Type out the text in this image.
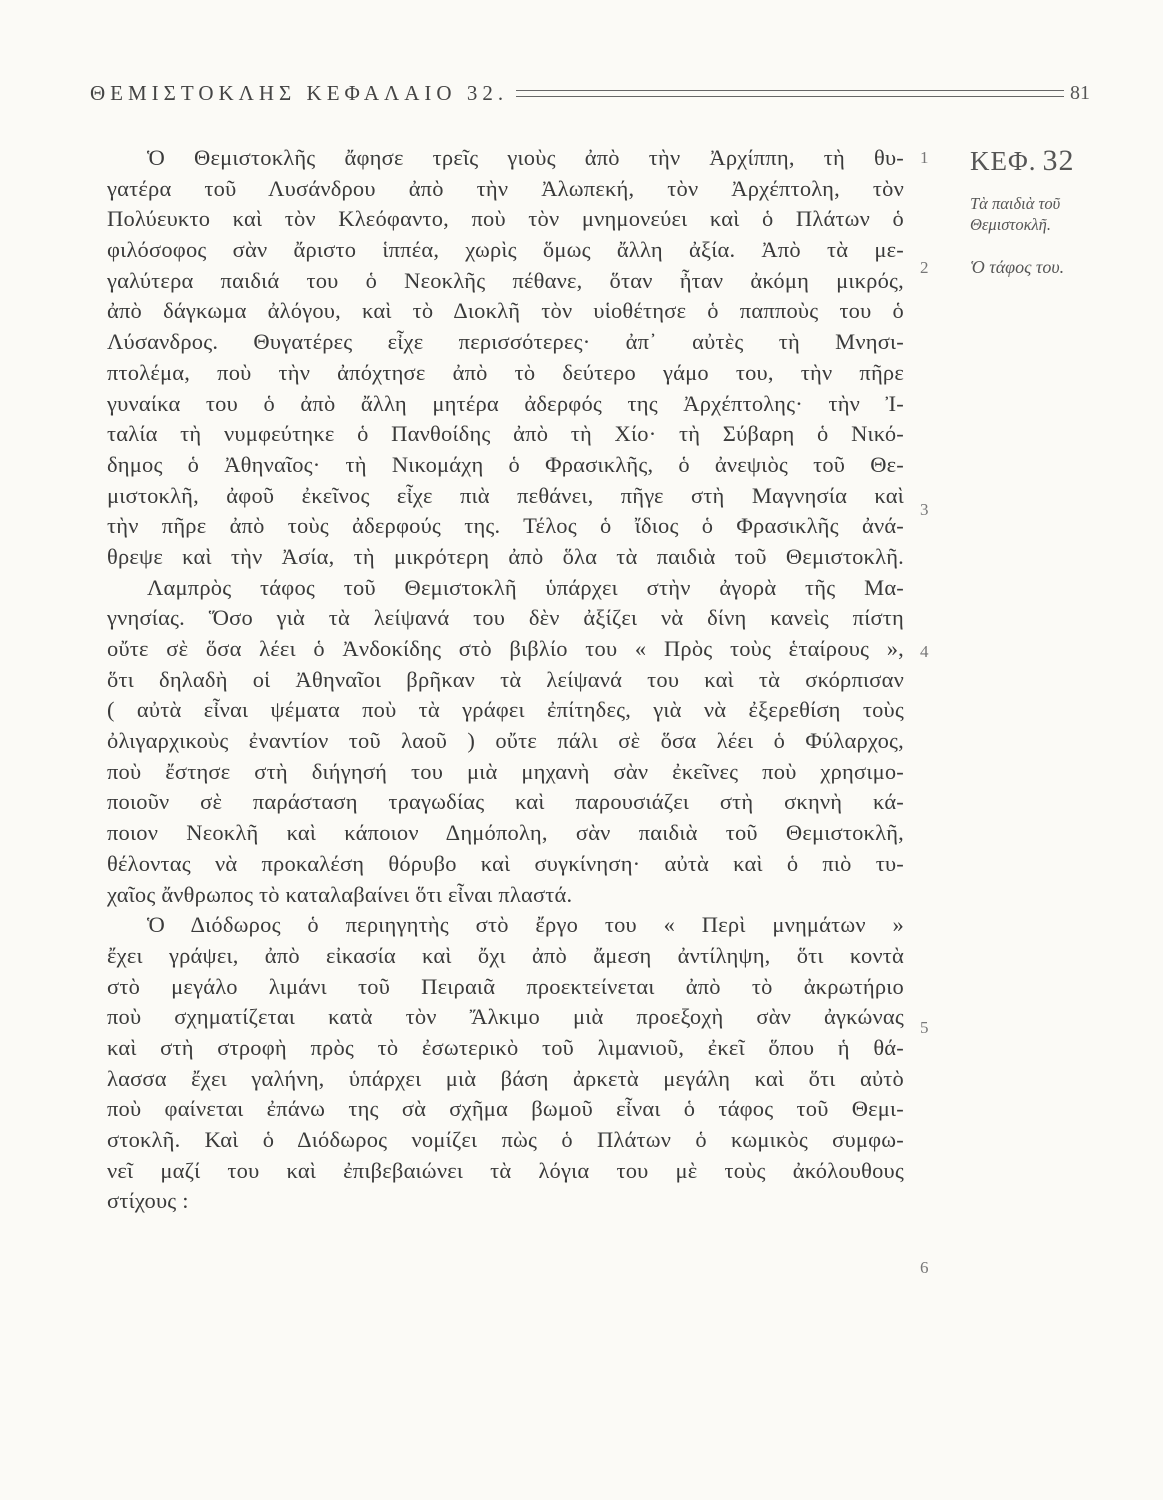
ΘΕΜΙΣΤΟΚΛΗΣ ΚΕΦΑΛΑΙΟ 32.	81
Ὁ Θεμιστοκλῆς ἄφησε τρεῖς γιοὺς ἀπὸ τὴν Ἀρχίππη, τὴ θυ-
γατέρα τοῦ Λυσάνδρου ἀπὸ τὴν Ἀλωπεκή, τὸν Ἀρχέπτολη, τὸν
Πολύευκτο καὶ τὸν Κλεόφαντο, ποὺ τὸν μνημονεύει καὶ ὁ Πλάτων ὁ
φιλόσοφος σὰν ἄριστο ἱππέα, χωρὶς ὅμως ἄλλη ἀξία. Ἀπὸ τὰ με-
γαλύτερα παιδιά του ὁ Νεοκλῆς πέθανε, ὅταν ἦταν ἀκόμη μικρός,
ἀπὸ δάγκωμα ἀλόγου, καὶ τὸ Διοκλῆ τὸν υἱοθέτησε ὁ παπποὺς του ὁ
Λύσανδρος. Θυγατέρες εἶχε περισσότερες· ἀπ᾽ αὐτὲς τὴ Μνησι-
πτολέμα, ποὺ τὴν ἀπόχτησε ἀπὸ τὸ δεύτερο γάμο του, τὴν πῆρε
γυναίκα του ὁ ἀπὸ ἄλλη μητέρα ἀδερφός της Ἀρχέπτολης· τὴν Ἰ-
ταλία τὴ νυμφεύτηκε ὁ Πανθοίδης ἀπὸ τὴ Χίο· τὴ Σύβαρη ὁ Νικό-
δημος ὁ Ἀθηναῖος· τὴ Νικομάχη ὁ Φρασικλῆς, ὁ ἀνεψιὸς τοῦ Θε-
μιστοκλῆ, ἀφοῦ ἐκεῖνος εἶχε πιὰ πεθάνει, πῆγε στὴ Μαγνησία καὶ
τὴν πῆρε ἀπὸ τοὺς ἀδερφούς της. Τέλος ὁ ἴδιος ὁ Φρασικλῆς ἀνά-
θρεψε καὶ τὴν Ἀσία, τὴ μικρότερη ἀπὸ ὅλα τὰ παιδιὰ τοῦ Θεμιστοκλῆ.
Λαμπρὸς τάφος τοῦ Θεμιστοκλῆ ὑπάρχει στὴν ἀγορὰ τῆς Μα-
γνησίας. Ὅσο γιὰ τὰ λείψανά του δὲν ἀξίζει νὰ δίνη κανεὶς πίστη
οὔτε σὲ ὅσα λέει ὁ Ἀνδοκίδης στὸ βιβλίο του « Πρὸς τοὺς ἑταίρους »,
ὅτι δηλαδὴ οἱ Ἀθηναῖοι βρῆκαν τὰ λείψανά του καὶ τὰ σκόρπισαν
( αὐτὰ εἶναι ψέματα ποὺ τὰ γράφει ἐπίτηδες, γιὰ νὰ ἐξερεθίση τοὺς
ὀλιγαρχικοὺς ἐναντίον τοῦ λαοῦ ) οὔτε πάλι σὲ ὅσα λέει ὁ Φύλαρχος,
ποὺ ἔστησε στὴ διήγησή του μιὰ μηχανὴ σὰν ἐκεῖνες ποὺ χρησιμο-
ποιοῦν σὲ παράσταση τραγωδίας καὶ παρουσιάζει στὴ σκηνὴ κά-
ποιον Νεοκλῆ καὶ κάποιον Δημόπολη, σὰν παιδιὰ τοῦ Θεμιστοκλῆ,
θέλοντας νὰ προκαλέση θόρυβο καὶ συγκίνηση· αὐτὰ καὶ ὁ πιὸ τυ-
χαῖος ἄνθρωπος τὸ καταλαβαίνει ὅτι εἶναι πλαστά.
Ὁ Διόδωρος ὁ περιηγητὴς στὸ ἔργο του « Περὶ μνημάτων »
ἔχει γράψει, ἀπὸ εἰκασία καὶ ὄχι ἀπὸ ἄμεση ἀντίληψη, ὅτι κοντὰ
στὸ μεγάλο λιμάνι τοῦ Πειραιᾶ προεκτείνεται ἀπὸ τὸ ἀκρωτήριο
ποὺ σχηματίζεται κατὰ τὸν Ἄλκιμο μιὰ προεξοχὴ σὰν ἀγκώνας
καὶ στὴ στροφὴ πρὸς τὸ ἐσωτερικὸ τοῦ λιμανιοῦ, ἐκεῖ ὅπου ἡ θά-
λασσα ἔχει γαλήνη, ὑπάρχει μιὰ βάση ἀρκετὰ μεγάλη καὶ ὅτι αὐτὸ
ποὺ φαίνεται ἐπάνω της σὰ σχῆμα βωμοῦ εἶναι ὁ τάφος τοῦ Θεμι-
στοκλῆ. Καὶ ὁ Διόδωρος νομίζει πὼς ὁ Πλάτων ὁ κωμικὸς συμφω-
νεῖ μαζί του καὶ ἐπιβεβαιώνει τὰ λόγια του μὲ τοὺς ἀκόλουθους
στίχους :
1
2
3
4
5
6
ΚΕΦ. 32
Τὰ παιδιὰ τοῦ
Θεμιστοκλῆ.
Ὁ τάφος του.
